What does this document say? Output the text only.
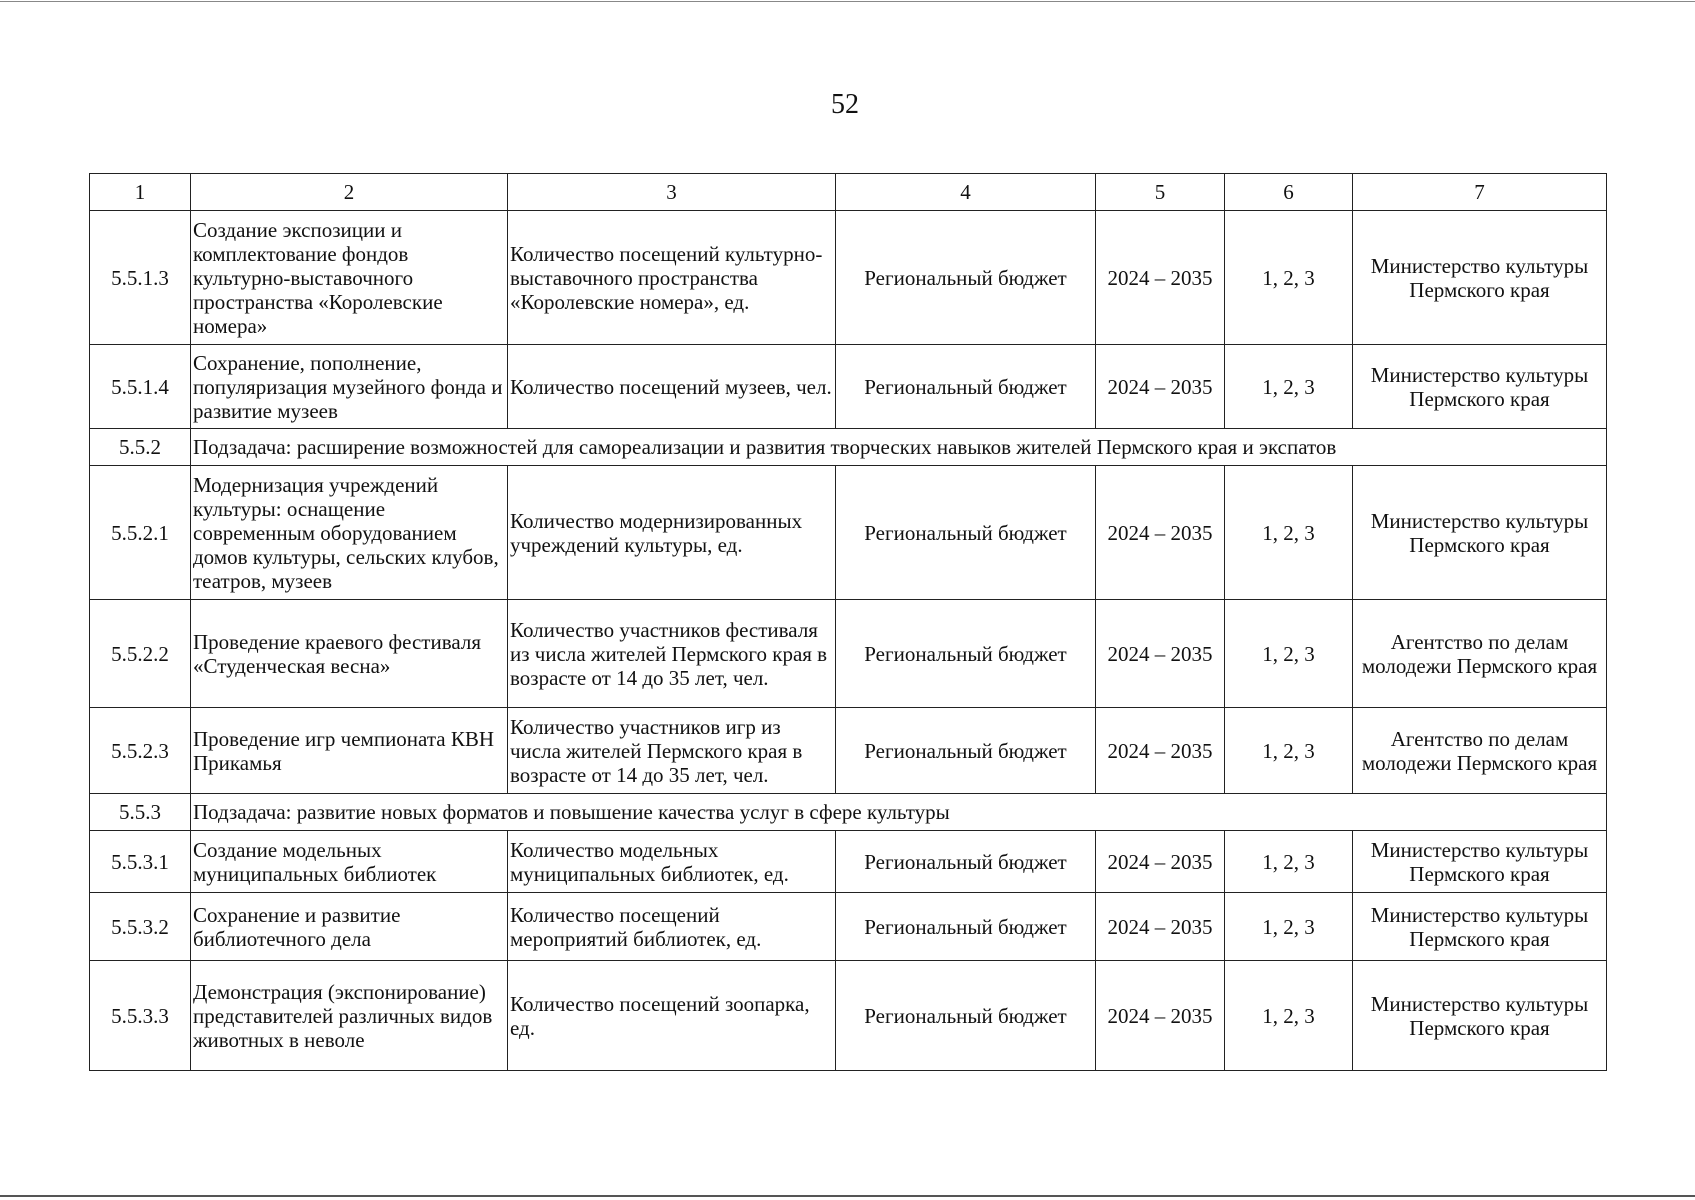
52
1	2	3	4	5	6	7
5.5.1.3	Создание экспозиции и комплектование фондов культурно-выставочного пространства «Королевские номера»	Количество посещений культурно-выставочного пространства «Королевские номера», ед.	Региональный бюджет	2024 – 2035	1, 2, 3	Министерство культуры Пермского края
5.5.1.4	Сохранение, пополнение, популяризация музейного фонда и развитие музеев	Количество посещений музеев, чел.	Региональный бюджет	2024 – 2035	1, 2, 3	Министерство культуры Пермского края
5.5.2	Подзадача: расширение возможностей для самореализации и развития творческих навыков жителей Пермского края и экспатов					
5.5.2.1	Модернизация учреждений культуры: оснащение современным оборудованием домов культуры, сельских клубов, театров, музеев	Количество модернизированных учреждений культуры, ед.	Региональный бюджет	2024 – 2035	1, 2, 3	Министерство культуры Пермского края
5.5.2.2	Проведение краевого фестиваля «Студенческая весна»	Количество участников фестиваля из числа жителей Пермского края в возрасте от 14 до 35 лет, чел.	Региональный бюджет	2024 – 2035	1, 2, 3	Агентство по делам молодежи Пермского края
5.5.2.3	Проведение игр чемпионата КВН Прикамья	Количество участников игр из числа жителей Пермского края в возрасте от 14 до 35 лет, чел.	Региональный бюджет	2024 – 2035	1, 2, 3	Агентство по делам молодежи Пермского края
5.5.3	Подзадача: развитие новых форматов и повышение качества услуг в сфере культуры					
5.5.3.1	Создание модельных муниципальных библиотек	Количество модельных муниципальных библиотек, ед.	Региональный бюджет	2024 – 2035	1, 2, 3	Министерство культуры Пермского края
5.5.3.2	Сохранение и развитие библиотечного дела	Количество посещений мероприятий библиотек, ед.	Региональный бюджет	2024 – 2035	1, 2, 3	Министерство культуры Пермского края
5.5.3.3	Демонстрация (экспонирование) представителей различных видов животных в неволе	Количество посещений зоопарка, ед.	Региональный бюджет	2024 – 2035	1, 2, 3	Министерство культуры Пермского края
